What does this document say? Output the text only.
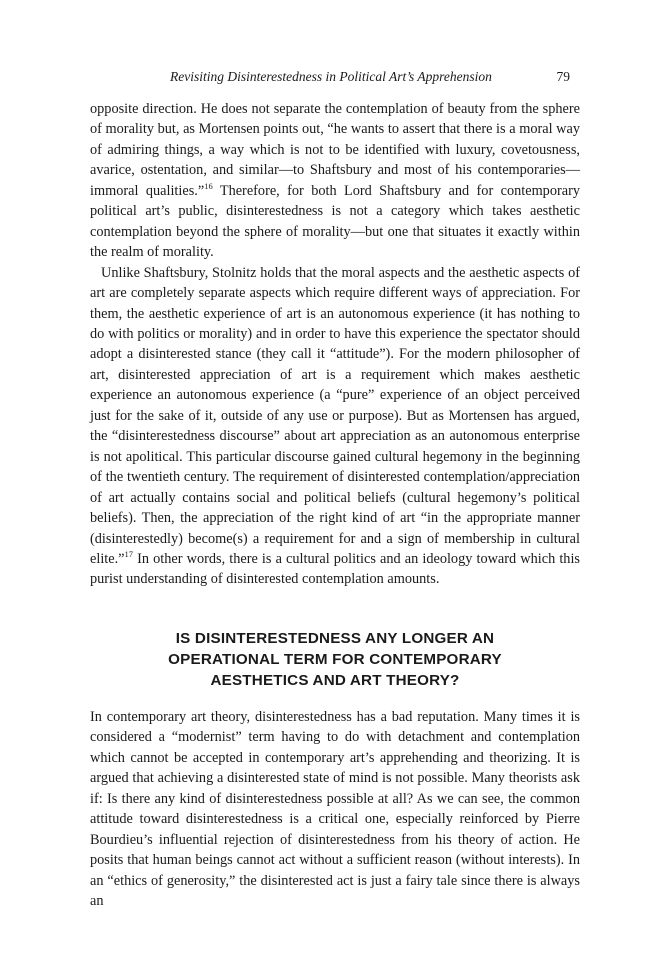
Revisiting Disinterestedness in Political Art’s Apprehension	79

opposite direction. He does not separate the contemplation of beauty from the sphere of morality but, as Mortensen points out, “he wants to assert that there is a moral way of admiring things, a way which is not to be identified with luxury, covetousness, avarice, ostentation, and similar—to Shaftsbury and most of his contemporaries—immoral qualities.”$^{16}$ Therefore, for both Lord Shaftsbury and for contemporary political art’s public, disinterestedness is not a category which takes aesthetic contemplation beyond the sphere of morality—but one that situates it exactly within the realm of morality.

Unlike Shaftsbury, Stolnitz holds that the moral aspects and the aesthetic aspects of art are completely separate aspects which require different ways of appreciation. For them, the aesthetic experience of art is an autonomous experience (it has nothing to do with politics or morality) and in order to have this experience the spectator should adopt a disinterested stance (they call it “attitude”). For the modern philosopher of art, disinterested appreciation of art is a requirement which makes aesthetic experience an autonomous experience (a “pure” experience of an object perceived just for the sake of it, outside of any use or purpose). But as Mortensen has argued, the “disinterestedness discourse” about art appreciation as an autonomous enterprise is not apolitical. This particular discourse gained cultural hegemony in the beginning of the twentieth century. The requirement of disinterested contemplation/appreciation of art actually contains social and political beliefs (cultural hegemony’s political beliefs). Then, the appreciation of the right kind of art “in the appropriate manner (disinterestedly) become(s) a requirement for and a sign of membership in cultural elite.”$^{17}$ In other words, there is a cultural politics and an ideology toward which this purist understanding of disinterested contemplation amounts.

IS DISINTERESTEDNESS ANY LONGER AN
OPERATIONAL TERM FOR CONTEMPORARY
AESTHETICS AND ART THEORY?

In contemporary art theory, disinterestedness has a bad reputation. Many times it is considered a “modernist” term having to do with detachment and contemplation which cannot be accepted in contemporary art’s apprehending and theorizing. It is argued that achieving a disinterested state of mind is not possible. Many theorists ask if: Is there any kind of disinterestedness possible at all? As we can see, the common attitude toward disinterestedness is a critical one, especially reinforced by Pierre Bourdieu’s influential rejection of disinterestedness from his theory of action. He posits that human beings cannot act without a sufficient reason (without interests). In an “ethics of generosity,” the disinterested act is just a fairy tale since there is always an
